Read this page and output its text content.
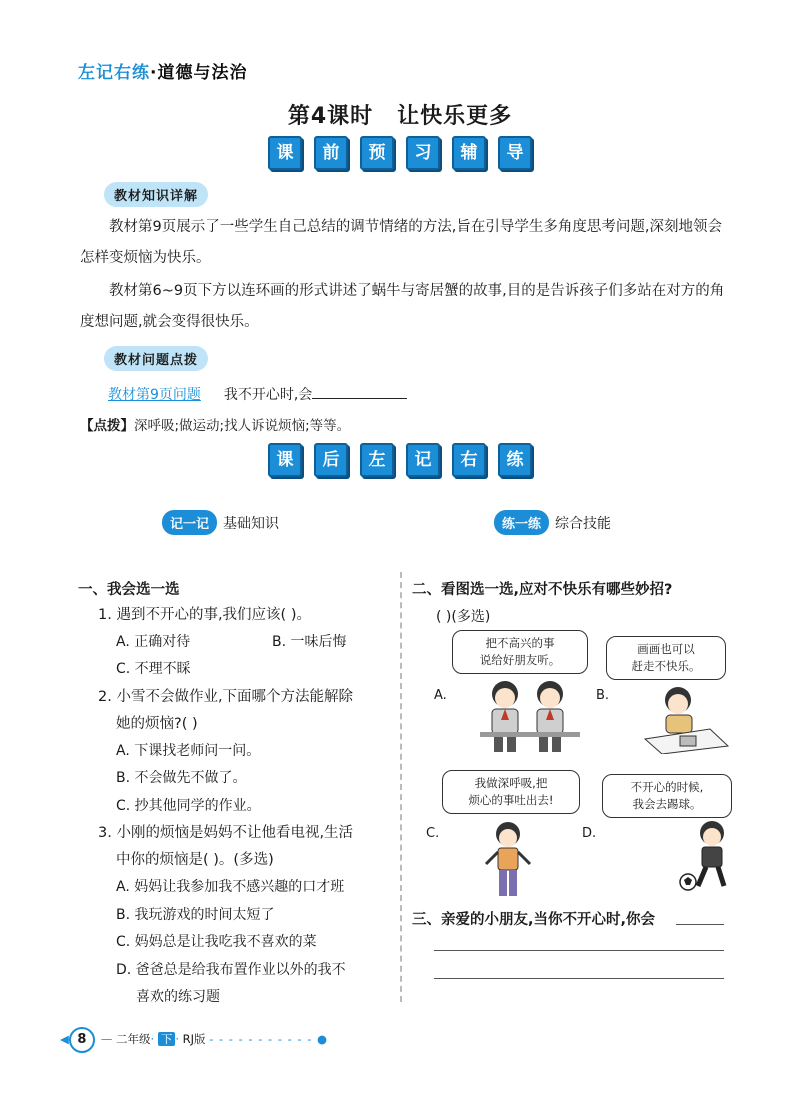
左记右练·道德与法治
第4课时 让快乐更多
课 前 预 习 辅 导
教材知识详解
教材第9页展示了一些学生自己总结的调节情绪的方法,旨在引导学生多角度思考问题,深刻地领会怎样变烦恼为快乐。
教材第6~9页下方以连环画的形式讲述了蜗牛与寄居蟹的故事,目的是告诉孩子们多站在对方的角度想问题,就会变得很快乐。
教材问题点拨
教材第9页问题 我不开心时,会
【点拨】深呼吸;做运动;找人诉说烦恼;等等。
课 后 左 记 右 练
记一记 基础知识	练一练 综合技能
一、我会选一选
1. 遇到不开心的事,我们应该( )。
A. 正确对待	B. 一味后悔
C. 不理不睬
2. 小雪不会做作业,下面哪个方法能解除
她的烦恼?( )
A. 下课找老师问一问。
B. 不会做先不做了。
C. 抄其他同学的作业。
3. 小刚的烦恼是妈妈不让他看电视,生活
中你的烦恼是( )。(多选)
A. 妈妈让我参加我不感兴趣的口才班
B. 我玩游戏的时间太短了
C. 妈妈总是让我吃我不喜欢的菜
D. 爸爸总是给我布置作业以外的我不
喜欢的练习题
二、看图选一选,应对不快乐有哪些妙招?
( )(多选)
把不高兴的事
说给好朋友听。
A.
画画也可以
赶走不快乐。
B.
我做深呼吸,把
烦心的事吐出去!
C.
不开心的时候,
我会去踢球。
D.
三、亲爱的小朋友,当你不开心时,你会
◀ 8 — 二年级· 下 · RJ版 - - - - - - - - - - - ●
